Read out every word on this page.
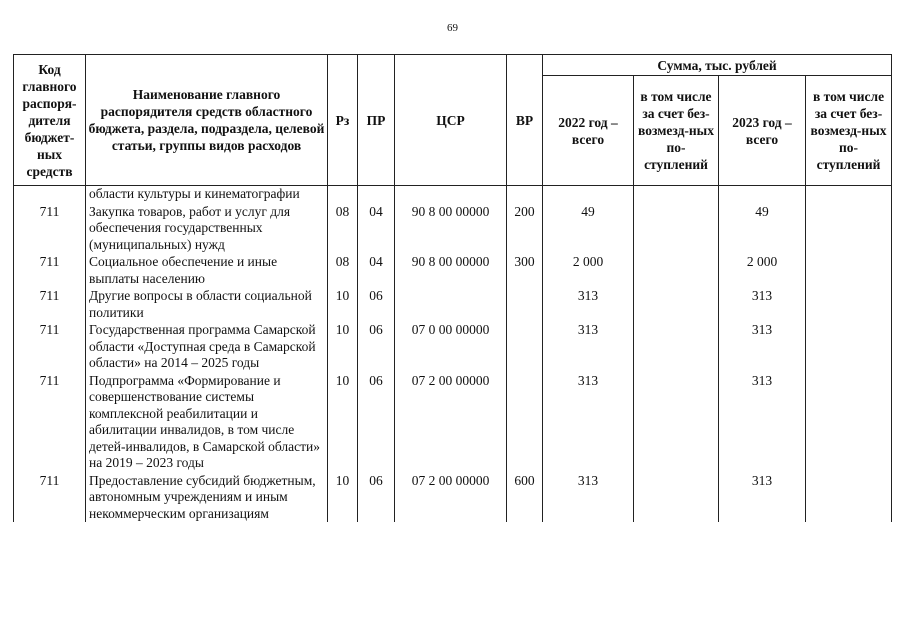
69
Код главного распоря-дителя бюджет-ных средств	Наименование главного распорядителя средств областного бюджета, раздела, подраздела, целевой статьи, группы видов расходов	Рз	ПР	ЦСР	ВР	Сумма, тыс. рублей			
						2022 год – всего	в том числе за счет без-возмезд-ных по-ступлений	2023 год – всего	в том числе за счет без-возмезд-ных по-ступлений
	области культуры и кинематографии								
711	Закупка товаров, работ и услуг для обеспечения государственных (муниципальных) нужд	08	04	90 8 00 00000	200	49		49	
711	Социальное обеспечение и иные выплаты населению	08	04	90 8 00 00000	300	2 000		2 000	
711	Другие вопросы в области социальной политики	10	06			313		313	
711	Государственная программа Самарской области «Доступная среда в Самарской области» на 2014 – 2025 годы	10	06	07 0 00 00000		313		313	
711	Подпрограмма «Формирование и совершенствование системы комплексной реабилитации и абилитации инвалидов, в том числе детей-инвалидов, в Самарской области» на 2019 – 2023 годы	10	06	07 2 00 00000		313		313	
711	Предоставление субсидий бюджетным, автономным учреждениям и иным некоммерческим организациям	10	06	07 2 00 00000	600	313		313	
